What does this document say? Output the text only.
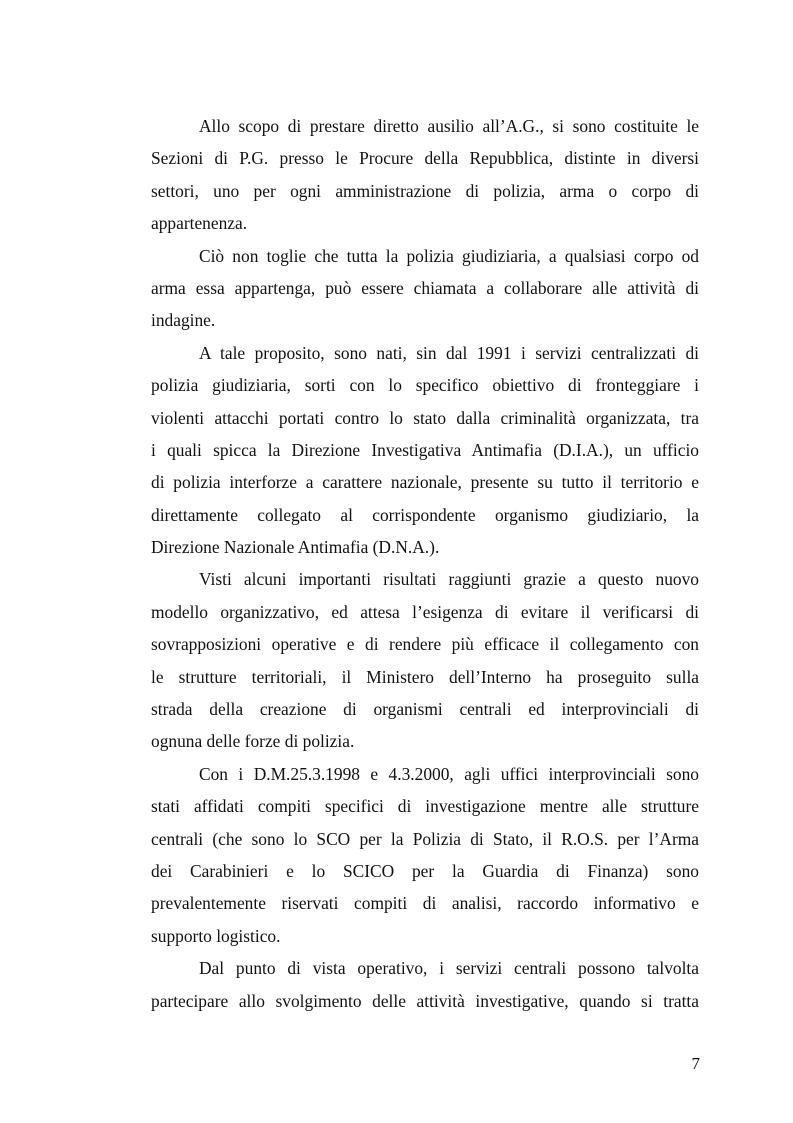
Allo scopo di prestare diretto ausilio all’A.G., si sono costituite le
Sezioni di P.G. presso le Procure della Repubblica, distinte in diversi
settori, uno per ogni amministrazione di polizia, arma o corpo di
appartenenza.
Ciò non toglie che tutta la polizia giudiziaria, a qualsiasi corpo od
arma essa appartenga, può essere chiamata a collaborare alle attività di
indagine.
A tale proposito, sono nati, sin dal 1991 i servizi centralizzati di
polizia giudiziaria, sorti con lo specifico obiettivo di fronteggiare i
violenti attacchi portati contro lo stato dalla criminalità organizzata, tra
i quali spicca la Direzione Investigativa Antimafia (D.I.A.), un ufficio
di polizia interforze a carattere nazionale, presente su tutto il territorio e
direttamente collegato al corrispondente organismo giudiziario, la
Direzione Nazionale Antimafia (D.N.A.).
Visti alcuni importanti risultati raggiunti grazie a questo nuovo
modello organizzativo, ed attesa l’esigenza di evitare il verificarsi di
sovrapposizioni operative e di rendere più efficace il collegamento con
le strutture territoriali, il Ministero dell’Interno ha proseguito sulla
strada della creazione di organismi centrali ed interprovinciali di
ognuna delle forze di polizia.
Con i D.M.25.3.1998 e 4.3.2000, agli uffici interprovinciali sono
stati affidati compiti specifici di investigazione mentre alle strutture
centrali (che sono lo SCO per la Polizia di Stato, il R.O.S. per l’Arma
dei Carabinieri e lo SCICO per la Guardia di Finanza) sono
prevalentemente riservati compiti di analisi, raccordo informativo e
supporto logistico.
Dal punto di vista operativo, i servizi centrali possono talvolta
partecipare allo svolgimento delle attività investigative, quando si tratta
7
